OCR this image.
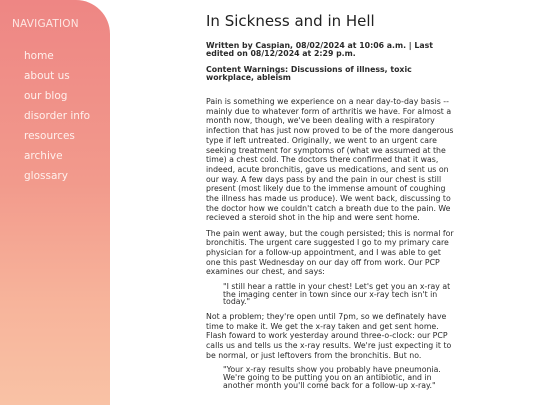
NAVIGATION
home
about us
our blog
disorder info
resources
archive
glossary
In Sickness and in Hell

Written by Caspian, 08/02/2024 at 10:06 a.m. | Last edited on 08/12/2024 at 2:29 p.m.

Content Warnings: Discussions of illness, toxic workplace, ableism

Pain is something we experience on a near day-to-day basis -- mainly due to whatever form of arthritis we have. For almost a month now, though, we've been dealing with a respiratory infection that has just now proved to be of the more dangerous type if left untreated. Originally, we went to an urgent care seeking treatment for symptoms of (what we assumed at the time) a chest cold. The doctors there confirmed that it was, indeed, acute bronchitis, gave us medications, and sent us on our way. A few days pass by and the pain in our chest is still present (most likely due to the immense amount of coughing the illness has made us produce). We went back, discussing to the doctor how we couldn't catch a breath due to the pain. We recieved a steroid shot in the hip and were sent home.

The pain went away, but the cough persisted; this is normal for bronchitis. The urgent care suggested I go to my primary care physician for a follow-up appointment, and I was able to get one this past Wednesday on our day off from work. Our PCP examines our chest, and says:

"I still hear a rattle in your chest! Let's get you an x-ray at the imaging center in town since our x-ray tech isn't in today."

Not a problem; they're open until 7pm, so we definately have time to make it. We get the x-ray taken and get sent home. Flash foward to work yesterday around three-o-clock: our PCP calls us and tells us the x-ray results. We're just expecting it to be normal, or just leftovers from the bronchitis. But no.

"Your x-ray results show you probably have pneumonia. We're going to be putting you on an antibiotic, and in another month you'll come back for a follow-up x-ray."
